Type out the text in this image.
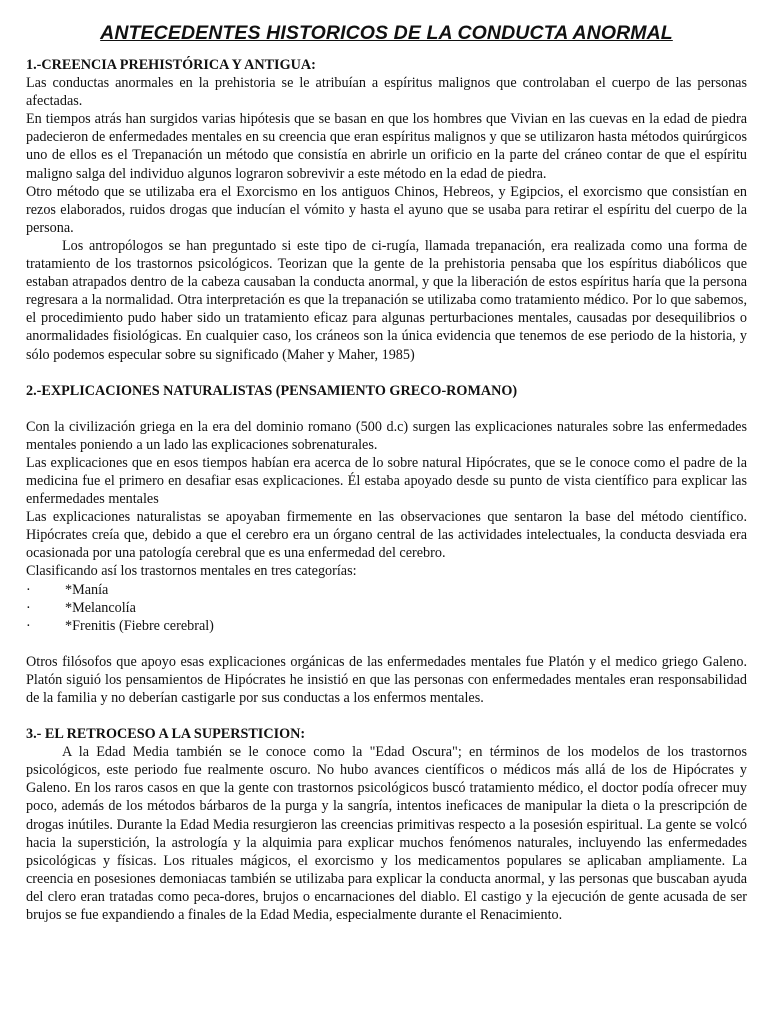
ANTECEDENTES HISTORICOS DE LA CONDUCTA ANORMAL
1.-CREENCIA PREHISTÓRICA Y ANTIGUA:

Las conductas anormales en la prehistoria se le atribuían a espíritus malignos que controlaban el cuerpo de las personas afectadas.

En tiempos atrás han surgidos varias hipótesis que se basan en que los hombres que Vivian en las cuevas en la edad de piedra padecieron de enfermedades mentales en su creencia que eran espíritus malignos y que se utilizaron hasta métodos quirúrgicos uno de ellos es el Trepanación un método que consistía en abrirle un orificio en la parte del cráneo contar de que el espíritu maligno salga del individuo algunos lograron sobrevivir a este método en la edad de piedra.

Otro método que se utilizaba era el Exorcismo en los antiguos Chinos, Hebreos, y Egipcios, el exorcismo que consistían en rezos elaborados, ruidos drogas que inducían el vómito y hasta el ayuno que se usaba para retirar el espíritu del cuerpo de la persona.

Los antropólogos se han preguntado si este tipo de ci-rugía, llamada trepanación, era realizada como una forma de tratamiento de los trastornos psicológicos. Teorizan que la gente de la prehistoria pensaba que los espíritus diabólicos que estaban atrapados dentro de la cabeza causaban la conducta anormal, y que la liberación de estos espíritus haría que la persona regresara a la normalidad. Otra interpretación es que la trepanación se utilizaba como tratamiento médico. Por lo que sabemos, el procedimiento pudo haber sido un tratamiento eficaz para algunas perturbaciones mentales, causadas por desequilibrios o anormalidades fisiológicas. En cualquier caso, los cráneos son la única evidencia que tenemos de ese periodo de la historia, y sólo podemos especular sobre su significado (Maher y Maher, 1985)

2.-EXPLICACIONES NATURALISTAS (PENSAMIENTO GRECO-ROMANO)

Con la civilización griega en la era del dominio romano (500 d.c) surgen las explicaciones naturales sobre las enfermedades mentales poniendo a un lado las explicaciones sobrenaturales.

Las explicaciones que en esos tiempos habían era acerca de lo sobre natural Hipócrates, que se le conoce como el padre de la medicina fue el primero en desafiar esas explicaciones. Él estaba apoyado desde su punto de vista científico para explicar las enfermedades mentales

Las explicaciones naturalistas se apoyaban firmemente en las observaciones que sentaron la base del método científico. Hipócrates creía que, debido a que el cerebro era un órgano central de las actividades intelectuales, la conducta desviada era ocasionada por una patología cerebral que es una enfermedad del cerebro.

Clasificando así los trastornos mentales en tres categorías:

·	*Manía
·	*Melancolía
·	*Frenitis (Fiebre cerebral)

Otros filósofos que apoyo esas explicaciones orgánicas de las enfermedades mentales fue Platón y el medico griego Galeno. Platón siguió los pensamientos de Hipócrates he insistió en que las personas con enfermedades mentales eran responsabilidad de la familia y no deberían castigarle por sus conductas a los enfermos mentales.

3.- EL RETROCESO A LA SUPERSTICION:

A la Edad Media también se le conoce como la "Edad Oscura"; en términos de los modelos de los trastornos psicológicos, este periodo fue realmente oscuro. No hubo avances científicos o médicos más allá de los de Hipócrates y Galeno. En los raros casos en que la gente con trastornos psicológicos buscó tratamiento médico, el doctor podía ofrecer muy poco, además de los métodos bárbaros de la purga y la sangría, intentos ineficaces de manipular la dieta o la prescripción de drogas inútiles. Durante la Edad Media resurgieron las creencias primitivas respecto a la posesión espiritual. La gente se volcó hacia la superstición, la astrología y la alquimia para explicar muchos fenómenos naturales, incluyendo las enfermedades psicológicas y físicas. Los rituales mágicos, el exorcismo y los medicamentos populares se aplicaban ampliamente. La creencia en posesiones demoniacas también se utilizaba para explicar la conducta anormal, y las personas que buscaban ayuda del clero eran tratadas como peca-dores, brujos o encarnaciones del diablo. El castigo y la ejecución de gente acusada de ser brujos se fue expandiendo a finales de la Edad Media, especialmente durante el Renacimiento.
